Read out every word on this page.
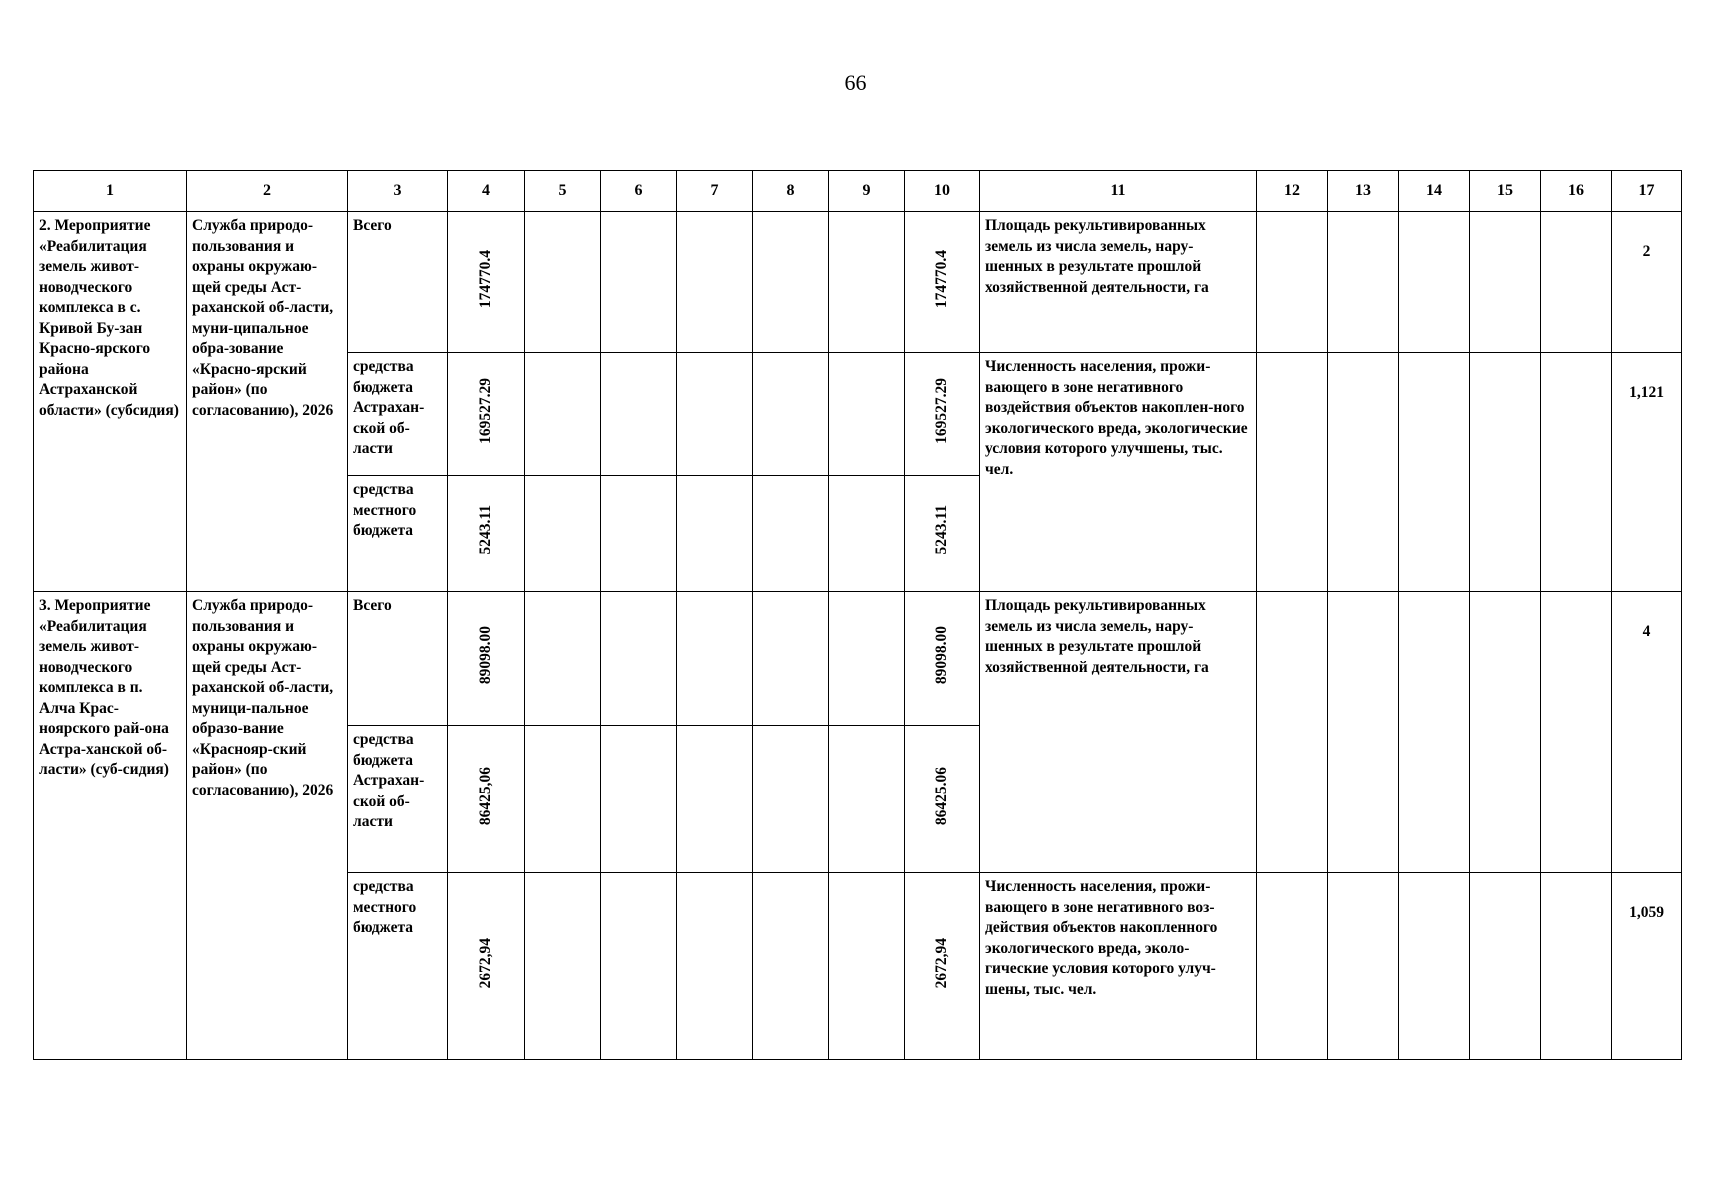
66
1	2	3	4	5	6	7	8	9	10	11	12	13	14	15	16	17
2. Мероприятие «Реабилитация земель живот-новодческого комплекса в с. Кривой Бу-зан Красно-ярского района Астраханской области» (субсидия)	Служба природо-пользования и охраны окружаю-щей среды Аст-раханской об-ласти, муни-ципальное обра-зование «Красно-ярский район» (по согласованию), 2026	Всего	174770.4						174770.4	Площадь рекультивированных земель из числа земель, нару-шенных в результате прошлой хозяйственной деятельности, га						2
		средства бюджета Астрахан-ской об-ласти	169527.29						169527.29	Численность населения, прожи-вающего в зоне негативного воздействия объектов накоплен-ного экологического вреда, экологические условия которого улучшены, тыс. чел.						1,121
		средства местного бюджета	5243.11						5243.11							
3. Мероприятие «Реабилитация земель живот-новодческого комплекса в п. Алча Крас-ноярского рай-она Астра-ханской об-ласти» (суб-сидия)	Служба природо-пользования и охраны окружаю-щей среды Аст-раханской об-ласти, муници-пальное образо-вание «Краснояр-ский район» (по согласованию), 2026	Всего	89098.00						89098.00	Площадь рекультивированных земель из числа земель, нару-шенных в результате прошлой хозяйственной деятельности, га						4
		средства бюджета Астрахан-ской об-ласти	86425,06						86425.06							
		средства местного бюджета	2672,94						2672,94	Численность населения, прожи-вающего в зоне негативного воз-действия объектов накопленного экологического вреда, эколо-гические условия которого улуч-шены, тыс. чел.						1,059
